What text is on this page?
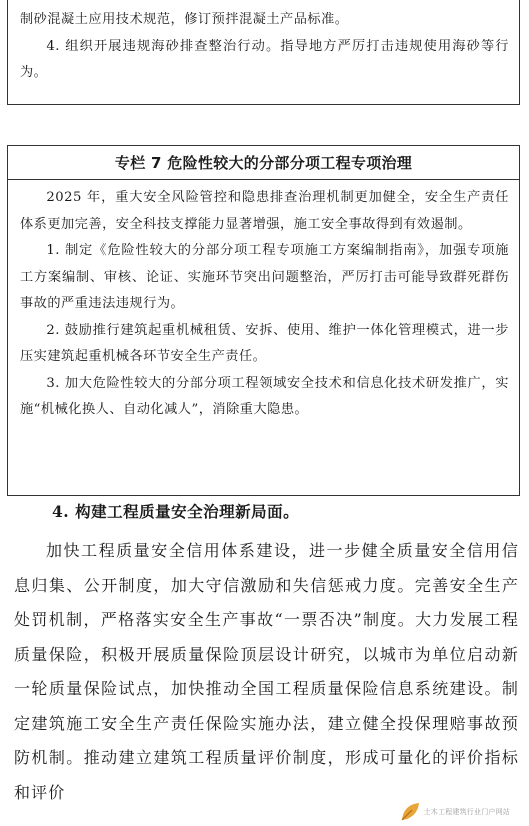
制砂混凝土应用技术规范，修订预拌混凝土产品标准。

4. 组织开展违规海砂排查整治行动。指导地方严厉打击违规使用海砂等行为。

专栏 7 危险性较大的分部分项工程专项治理

2025 年，重大安全风险管控和隐患排查治理机制更加健全，安全生产责任体系更加完善，安全科技支撑能力显著增强，施工安全事故得到有效遏制。

1. 制定《危险性较大的分部分项工程专项施工方案编制指南》，加强专项施工方案编制、审核、论证、实施环节突出问题整治，严厉打击可能导致群死群伤事故的严重违法违规行为。

2. 鼓励推行建筑起重机械租赁、安拆、使用、维护一体化管理模式，进一步压实建筑起重机械各环节安全生产责任。

3. 加大危险性较大的分部分项工程领域安全技术和信息化技术研发推广，实施“机械化换人、自动化减人”，消除重大隐患。

4. 构建工程质量安全治理新局面。

加快工程质量安全信用体系建设，进一步健全质量安全信用信息归集、公开制度，加大守信激励和失信惩戒力度。完善安全生产处罚机制，严格落实安全生产事故“一票否决”制度。大力发展工程质量保险，积极开展质量保险顶层设计研究，以城市为单位启动新一轮质量保险试点，加快推动全国工程质量保险信息系统建设。制定建筑施工安全生产责任保险实施办法，建立健全投保理赔事故预防机制。推动建立建筑工程质量评价制度，形成可量化的评价指标和评价

土木工程建筑行业门户网站
